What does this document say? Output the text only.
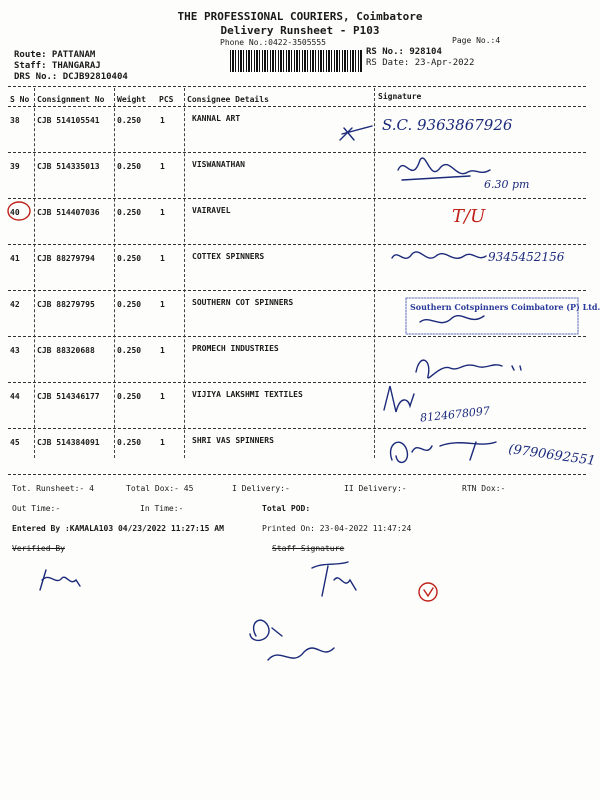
THE PROFESSIONAL COURIERS, Coimbatore
Delivery Runsheet - P103
Phone No.:0422-3505555	Page No.:4
Route: PATTANAM
Staff: THANGARAJ
DRS No.: DCJB92810404
RS No.: 928104
RS Date: 23-Apr-2022
S No Consignment No Weight PCS Consignee Details	Signature
38 CJB 514105541 0.250 1	KANNAL ART	S.C. 9363867926
39 CJB 514335013 0.250 1	VISWANATHAN
6.30 pm
40 CJB 514407036 0.250 1	VAIRAVEL	T/U
41 CJB 88279794	0.250 1	COTTEX SPINNERS	9345452156
42 CJB 88279795	0.250 1	SOUTHERN COT SPINNERS	Southern Cotspinners Coimbatore (P) Ltd.
43 CJB 88320688	0.250 1	PROMECH INDUSTRIES
44 CJB 514346177 0.250 1	VIJIYA LAKSHMI TEXTILES
8124678097
45 CJB 514384091 0.250 1	SHRI VAS SPINNERS
(9790692551
Tot. Runsheet:- 4	Total Dox:- 45	I Delivery:-	II Delivery:-	RTN Dox:-
Out Time:-	In Time:-	Total POD:
Entered By :KAMALA103 04/23/2022 11:27:15 AM	Printed On: 23-04-2022 11:47:24
Verified By	Staff Signature
